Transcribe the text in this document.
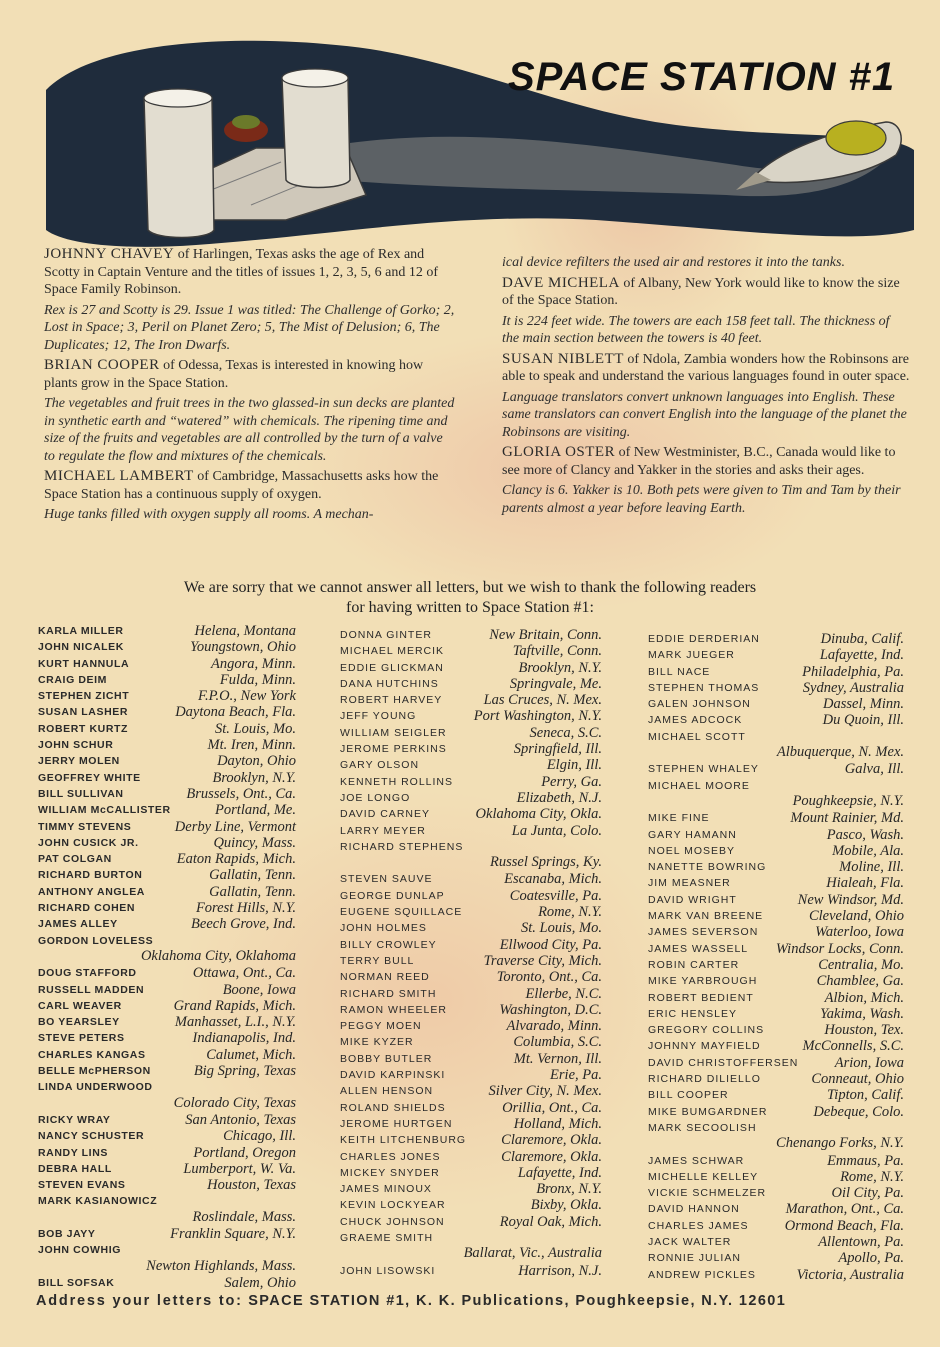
SPACE STATION #1

JOHNNY CHAVEY of Harlingen, Texas asks the age of Rex and Scotty in Captain Venture and the titles of issues 1, 2, 3, 5, 6 and 12 of Space Family Robinson.

Rex is 27 and Scotty is 29. Issue 1 was titled: The Challenge of Gorko; 2, Lost in Space; 3, Peril on Planet Zero; 5, The Mist of Delusion; 6, The Duplicates; 12, The Iron Dwarfs.

BRIAN COOPER of Odessa, Texas is interested in knowing how plants grow in the Space Station.

The vegetables and fruit trees in the two glassed-in sun decks are planted in synthetic earth and “watered” with chemicals. The ripening time and size of the fruits and vegetables are all controlled by the turn of a valve to regulate the flow and mixtures of the chemicals.

MICHAEL LAMBERT of Cambridge, Massachusetts asks how the Space Station has a continuous supply of oxygen.

Huge tanks filled with oxygen supply all rooms. A mechan-

ical device refilters the used air and restores it into the tanks.

DAVE MICHELA of Albany, New York would like to know the size of the Space Station.

It is 224 feet wide. The towers are each 158 feet tall. The thickness of the main section between the towers is 40 feet.

SUSAN NIBLETT of Ndola, Zambia wonders how the Robinsons are able to speak and understand the various languages found in outer space.

Language translators convert unknown languages into English. These same translators can convert English into the language of the planet the Robinsons are visiting.

GLORIA OSTER of New Westminister, B.C., Canada would like to see more of Clancy and Yakker in the stories and asks their ages.

Clancy is 6. Yakker is 10. Both pets were given to Tim and Tam by their parents almost a year before leaving Earth.

We are sorry that we cannot answer all letters, but we wish to thank the following readers for having written to Space Station #1:
KARLA MILLER	Helena, Montana
JOHN NICALEK	Youngstown, Ohio
KURT HANNULA	Angora, Minn.
CRAIG DEIM	Fulda, Minn.
STEPHEN ZICHT	F.P.O., New York
SUSAN LASHER	Daytona Beach, Fla.
ROBERT KURTZ	St. Louis, Mo.
JOHN SCHUR	Mt. Iren, Minn.
JERRY MOLEN	Dayton, Ohio
GEOFFREY WHITE	Brooklyn, N.Y.
BILL SULLIVAN	Brussels, Ont., Ca.
WILLIAM McCALLISTER	Portland, Me.
TIMMY STEVENS	Derby Line, Vermont
JOHN CUSICK JR.	Quincy, Mass.
PAT COLGAN	Eaton Rapids, Mich.
RICHARD BURTON	Gallatin, Tenn.
ANTHONY ANGLEA	Gallatin, Tenn.
RICHARD COHEN	Forest Hills, N.Y.
JAMES ALLEY	Beech Grove, Ind.
GORDON LOVELESS
Oklahoma City, Oklahoma
DOUG STAFFORD	Ottawa, Ont., Ca.
RUSSELL MADDEN	Boone, Iowa
CARL WEAVER	Grand Rapids, Mich.
BO YEARSLEY	Manhasset, L.I., N.Y.
STEVE PETERS	Indianapolis, Ind.
CHARLES KANGAS	Calumet, Mich.
BELLE McPHERSON	Big Spring, Texas
LINDA UNDERWOOD
Colorado City, Texas
RICKY WRAY	San Antonio, Texas
NANCY SCHUSTER	Chicago, Ill.
RANDY LINS	Portland, Oregon
DEBRA HALL	Lumberport, W. Va.
STEVEN EVANS	Houston, Texas
MARK KASIANOWICZ
Roslindale, Mass.
BOB JAYY	Franklin Square, N.Y.
JOHN COWHIG
Newton Highlands, Mass.
BILL SOFSAK	Salem, Ohio
DONNA GINTER	New Britain, Conn.
MICHAEL MERCIK	Taftville, Conn.
EDDIE GLICKMAN	Brooklyn, N.Y.
DANA HUTCHINS	Springvale, Me.
ROBERT HARVEY	Las Cruces, N. Mex.
JEFF YOUNG	Port Washington, N.Y.
WILLIAM SEIGLER	Seneca, S.C.
JEROME PERKINS	Springfield, Ill.
GARY OLSON	Elgin, Ill.
KENNETH ROLLINS	Perry, Ga.
JOE LONGO	Elizabeth, N.J.
DAVID CARNEY	Oklahoma City, Okla.
LARRY MEYER	La Junta, Colo.
RICHARD STEPHENS
Russel Springs, Ky.
STEVEN SAUVE	Escanaba, Mich.
GEORGE DUNLAP	Coatesville, Pa.
EUGENE SQUILLACE	Rome, N.Y.
JOHN HOLMES	St. Louis, Mo.
BILLY CROWLEY	Ellwood City, Pa.
TERRY BULL	Traverse City, Mich.
NORMAN REED	Toronto, Ont., Ca.
RICHARD SMITH	Ellerbe, N.C.
RAMON WHEELER	Washington, D.C.
PEGGY MOEN	Alvarado, Minn.
MIKE KYZER	Columbia, S.C.
BOBBY BUTLER	Mt. Vernon, Ill.
DAVID KARPINSKI	Erie, Pa.
ALLEN HENSON	Silver City, N. Mex.
ROLAND SHIELDS	Orillia, Ont., Ca.
JEROME HURTGEN	Holland, Mich.
KEITH LITCHENBURG Claremore, Okla.
CHARLES JONES	Claremore, Okla.
MICKEY SNYDER	Lafayette, Ind.
JAMES MINOUX	Bronx, N.Y.
KEVIN LOCKYEAR	Bixby, Okla.
CHUCK JOHNSON	Royal Oak, Mich.
GRAEME SMITH
Ballarat, Vic., Australia
JOHN LISOWSKI	Harrison, N.J.
EDDIE DERDERIAN	Dinuba, Calif.
MARK JUEGER	Lafayette, Ind.
BILL NACE	Philadelphia, Pa.
STEPHEN THOMAS	Sydney, Australia
GALEN JOHNSON	Dassel, Minn.
JAMES ADCOCK	Du Quoin, Ill.
MICHAEL SCOTT
Albuquerque, N. Mex.
STEPHEN WHALEY	Galva, Ill.
MICHAEL MOORE
Poughkeepsie, N.Y.
MIKE FINE	Mount Rainier, Md.
GARY HAMANN	Pasco, Wash.
NOEL MOSEBY	Mobile, Ala.
NANETTE BOWRING	Moline, Ill.
JIM MEASNER	Hialeah, Fla.
DAVID WRIGHT	New Windsor, Md.
MARK VAN BREENE	Cleveland, Ohio
JAMES SEVERSON	Waterloo, Iowa
JAMES WASSELL Windsor Locks, Conn.
ROBIN CARTER	Centralia, Mo.
MIKE YARBROUGH	Chamblee, Ga.
ROBERT BEDIENT	Albion, Mich.
ERIC HENSLEY	Yakima, Wash.
GREGORY COLLINS	Houston, Tex.
JOHNNY MAYFIELD	McConnells, S.C.
DAVID CHRISTOFFERSEN	Arion, Iowa
RICHARD DILIELLO	Conneaut, Ohio
BILL COOPER	Tipton, Calif.
MIKE BUMGARDNER	Debeque, Colo.
MARK SECOOLISH
Chenango Forks, N.Y.
JAMES SCHWAR	Emmaus, Pa.
MICHELLE KELLEY	Rome, N.Y.
VICKIE SCHMELZER	Oil City, Pa.
DAVID HANNON	Marathon, Ont., Ca.
CHARLES JAMES	Ormond Beach, Fla.
JACK WALTER	Allentown, Pa.
RONNIE JULIAN	Apollo, Pa.
ANDREW PICKLES	Victoria, Australia
Address your letters to: SPACE STATION #1, K. K. Publications, Poughkeepsie, N.Y. 12601
